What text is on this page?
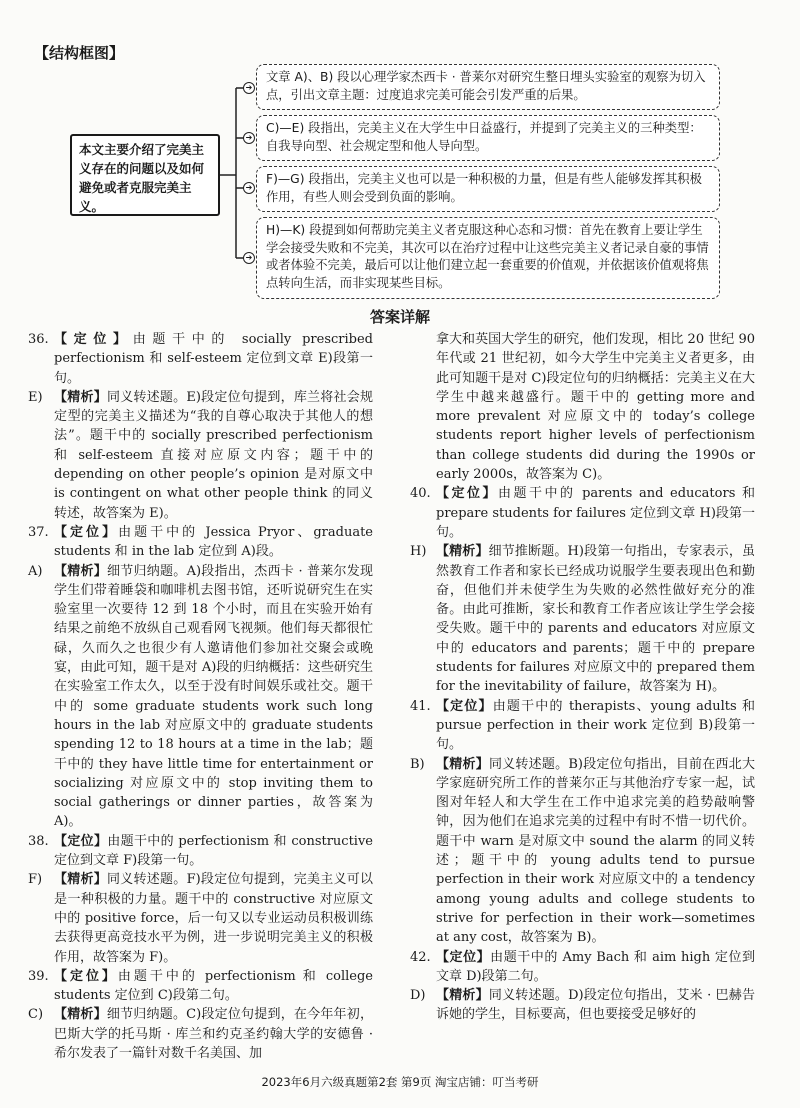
【结构框图】
本文主要介绍了完美主义存在的问题以及如何避免或者克服完美主义。
➔
文章 A)、B) 段以心理学家杰西卡 · 普莱尔对研究生整日埋头实验室的观察为切入点，引出文章主题：过度追求完美可能会引发严重的后果。
➔
C)—E) 段指出，完美主义在大学生中日益盛行，并提到了完美主义的三种类型：自我导向型、社会规定型和他人导向型。
➔
F)—G) 段指出，完美主义也可以是一种积极的力量，但是有些人能够发挥其积极作用，有些人则会受到负面的影响。
➔
H)—K) 段提到如何帮助完美主义者克服这种心态和习惯：首先在教育上要让学生学会接受失败和不完美，其次可以在治疗过程中让这些完美主义者记录自豪的事情或者体验不完美，最后可以让他们建立起一套重要的价值观，并依据该价值观将焦点转向生活，而非实现某些目标。
答案详解
36. 【定位】由题干中的 socially prescribed perfectionism 和 self-esteem 定位到文章 E)段第一句。
E) 【精析】同义转述题。E)段定位句提到，库兰将社会规定型的完美主义描述为“我的自尊心取决于其他人的想法”。题干中的 socially prescribed perfectionism 和 self-esteem 直接对应原文内容；题干中的 depending on other people’s opinion 是对原文中 is contingent on what other people think 的同义转述，故答案为 E)。
37. 【定位】由题干中的 Jessica Pryor、graduate students 和 in the lab 定位到 A)段。
A) 【精析】细节归纳题。A)段指出，杰西卡 · 普莱尔发现学生们带着睡袋和咖啡机去图书馆，还听说研究生在实验室里一次要待 12 到 18 个小时，而且在实验开始有结果之前绝不放纵自己观看网飞视频。他们每天都很忙碌，久而久之也很少有人邀请他们参加社交聚会或晚宴，由此可知，题干是对 A)段的归纳概括：这些研究生在实验室工作太久，以至于没有时间娱乐或社交。题干中的 some graduate students work such long hours in the lab 对应原文中的 graduate students spending 12 to 18 hours at a time in the lab；题干中的 they have little time for entertainment or socializing 对应原文中的 stop inviting them to social gatherings or dinner parties，故答案为 A)。
38. 【定位】由题干中的 perfectionism 和 constructive 定位到文章 F)段第一句。
F) 【精析】同义转述题。F)段定位句提到，完美主义可以是一种积极的力量。题干中的 constructive 对应原文中的 positive force，后一句又以专业运动员积极训练去获得更高竞技水平为例，进一步说明完美主义的积极作用，故答案为 F)。
39. 【定位】由题干中的 perfectionism 和 college students 定位到 C)段第二句。
C) 【精析】细节归纳题。C)段定位句提到，在今年年初，巴斯大学的托马斯 · 库兰和约克圣约翰大学的安德鲁 · 希尔发表了一篇针对数千名美国、加
拿大和英国大学生的研究，他们发现，相比 20 世纪 90 年代或 21 世纪初，如今大学生中完美主义者更多，由此可知题干是对 C)段定位句的归纳概括：完美主义在大学生中越来越盛行。题干中的 getting more and more prevalent 对应原文中的 today’s college students report higher levels of perfectionism than college students did during the 1990s or early 2000s，故答案为 C)。
40. 【定位】由题干中的 parents and educators 和 prepare students for failures 定位到文章 H)段第一句。
H) 【精析】细节推断题。H)段第一句指出，专家表示，虽然教育工作者和家长已经成功说服学生要表现出色和勤奋，但他们并未使学生为失败的必然性做好充分的准备。由此可推断，家长和教育工作者应该让学生学会接受失败。题干中的 parents and educators 对应原文中的 educators and parents；题干中的 prepare students for failures 对应原文中的 prepared them for the inevitability of failure，故答案为 H)。
41. 【定位】由题干中的 therapists、young adults 和 pursue perfection in their work 定位到 B)段第一句。
B) 【精析】同义转述题。B)段定位句指出，目前在西北大学家庭研究所工作的普莱尔正与其他治疗专家一起，试图对年轻人和大学生在工作中追求完美的趋势敲响警钟，因为他们在追求完美的过程中有时不惜一切代价。题干中 warn 是对原文中 sound the alarm 的同义转述；题干中的 young adults tend to pursue perfection in their work 对应原文中的 a tendency among young adults and college students to strive for perfection in their work—sometimes at any cost，故答案为 B)。
42. 【定位】由题干中的 Amy Bach 和 aim high 定位到文章 D)段第二句。
D) 【精析】同义转述题。D)段定位句指出，艾米 · 巴赫告诉她的学生，目标要高，但也要接受足够好的
2023年6月六级真题第2套 第9页 淘宝店铺：叮当考研
